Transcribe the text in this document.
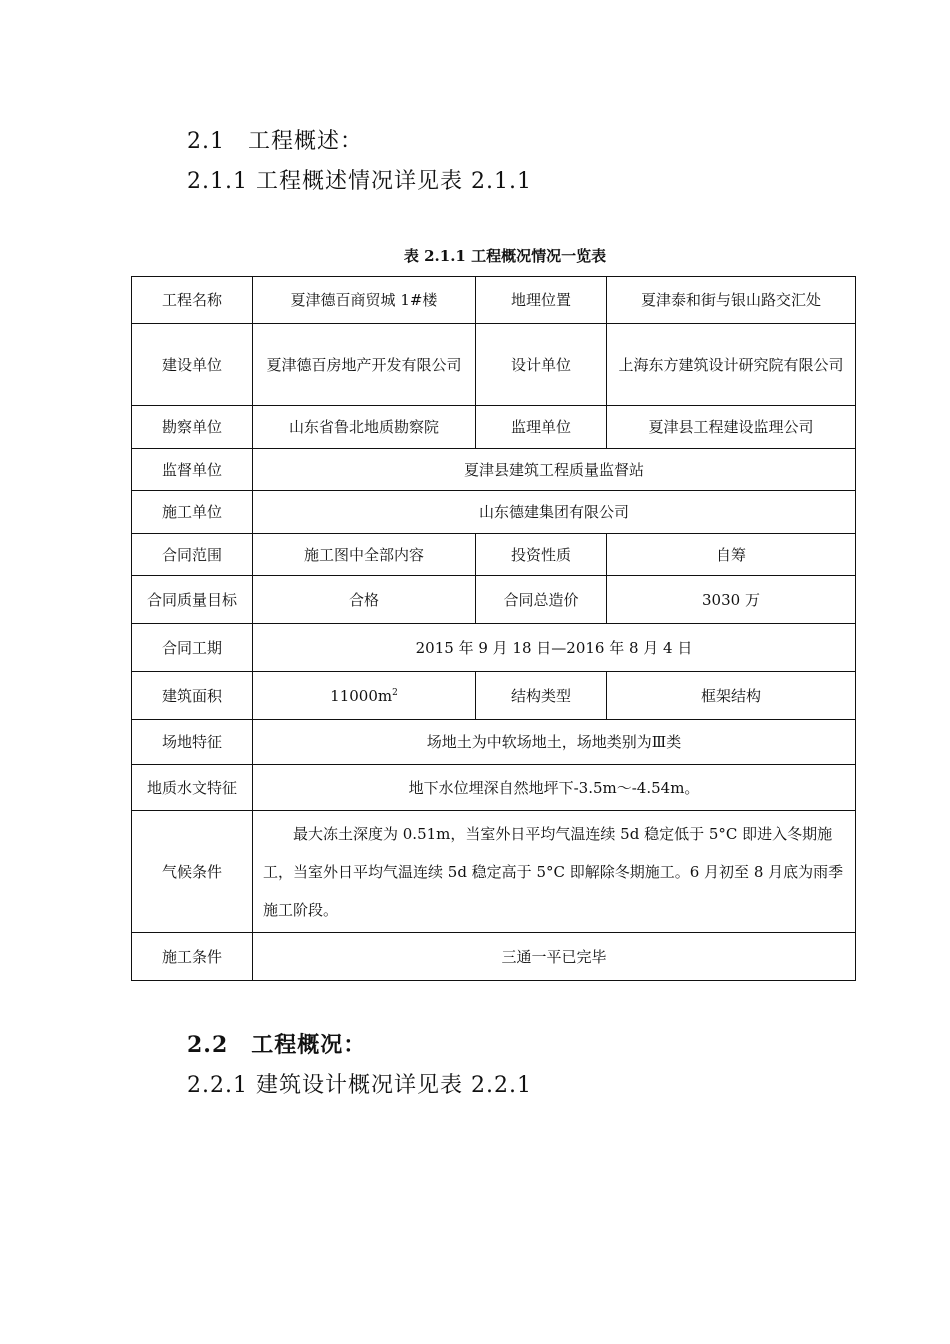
2.1　工程概述：
2.1.1 工程概述情况详见表 2.1.1
表 2.1.1 工程概况情况一览表
工程名称	夏津德百商贸城 1#楼	地理位置	夏津泰和街与银山路交汇处
建设单位	夏津德百房地产开发有限公司	设计单位	上海东方建筑设计研究院有限公司
勘察单位	山东省鲁北地质勘察院	监理单位	夏津县工程建设监理公司
监督单位	夏津县建筑工程质量监督站		
施工单位	山东德建集团有限公司		
合同范围	施工图中全部内容	投资性质	自筹
合同质量目标	合格	合同总造价	3030 万
合同工期	2015 年 9 月 18 日—2016 年 8 月 4 日		
建筑面积	$11000m^2$	结构类型	框架结构
场地特征	场地土为中软场地土，场地类别为Ⅲ类		
地质水文特征	地下水位埋深自然地坪下-3.5m～-4.54m。		
气候条件	最大冻土深度为 0.51m，当室外日平均气温连续 5d 稳定低于 5°C 即进入冬期施工，当室外日平均气温连续 5d 稳定高于 5°C 即解除冬期施工。6 月初至 8 月底为雨季施工阶段。		
施工条件	三通一平已完毕		
2.2　工程概况：
2.2.1 建筑设计概况详见表 2.2.1
